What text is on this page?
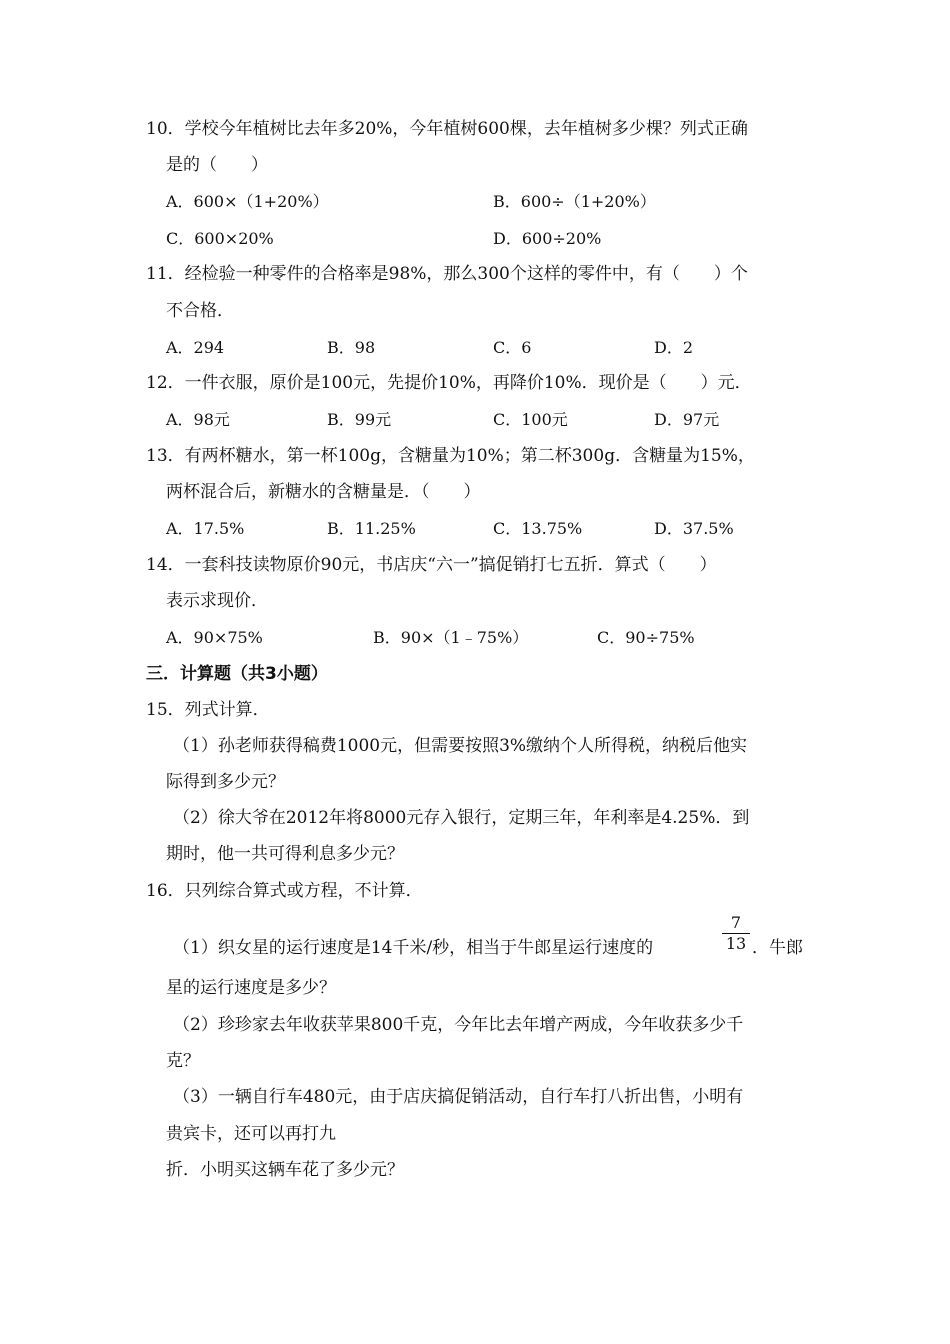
10．学校今年植树比去年多20%，今年植树600棵，去年植树多少棵？列式正确
是的（　　）
A．600×（1+20%）	B．600÷（1+20%）
C．600×20%	D．600÷20%
11．经检验一种零件的合格率是98%，那么300个这样的零件中，有（　　）个
不合格．
A．294	B．98	C．6	D．2
12．一件衣服，原价是100元，先提价10%，再降价10%．现价是（　　）元．
A．98元	B．99元	C．100元	D．97元
13．有两杯糖水，第一杯100g，含糖量为10%；第二杯300g．含糖量为15%，
两杯混合后，新糖水的含糖量是．（　　）
A．17.5%	B．11.25%	C．13.75%	D．37.5%
14．一套科技读物原价90元，书店庆“六一”搞促销打七五折．算式（　　）
表示求现价．
A．90×75%	B．90×（1﹣75%）	C．90÷75%
三．计算题（共3小题）
15．列式计算．
（1）孙老师获得稿费1000元，但需要按照3%缴纳个人所得税，纳税后他实
际得到多少元？
（2）徐大爷在2012年将8000元存入银行，定期三年，年利率是4.25%．到
期时，他一共可得利息多少元？
16．只列综合算式或方程，不计算．
（1）织女星的运行速度是14千米/秒，相当于牛郎星运行速度的
7
13 ．牛郎
星的运行速度是多少？
（2）珍珍家去年收获苹果800千克，今年比去年增产两成，今年收获多少千
克？
（3）一辆自行车480元，由于店庆搞促销活动，自行车打八折出售，小明有
贵宾卡，还可以再打九
折．小明买这辆车花了多少元？
